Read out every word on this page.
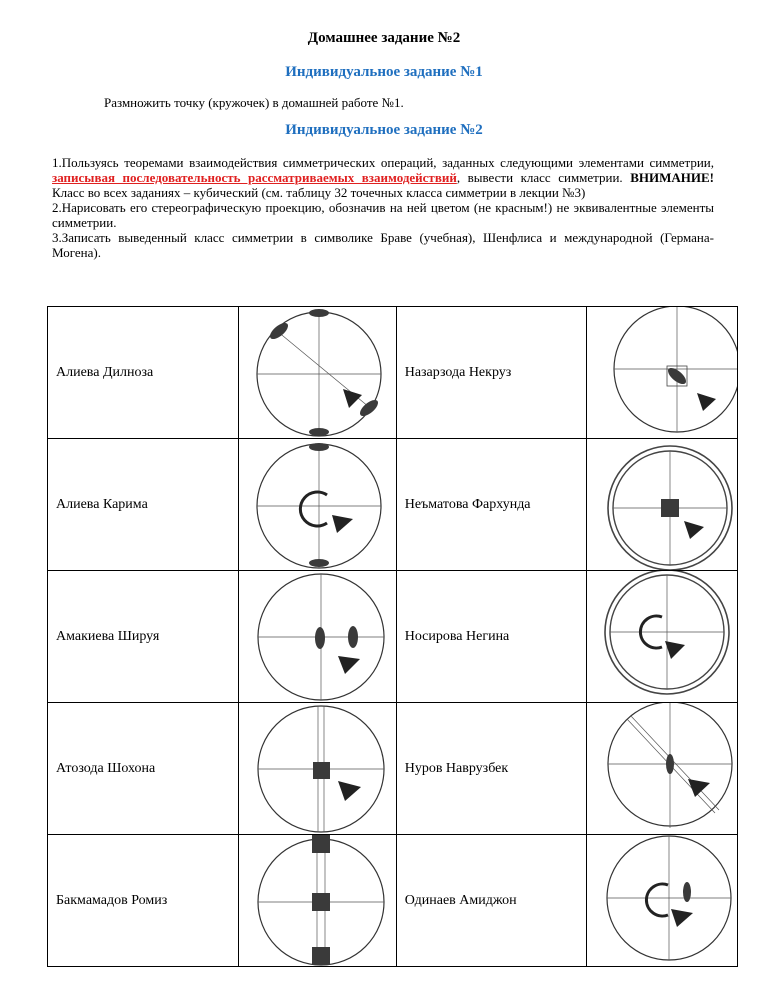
Домашнее задание №2
Индивидуальное задание №1
Размножить точку (кружочек) в домашней работе №1.
Индивидуальное задание №2
1.Пользуясь теоремами взаимодействия симметрических операций, заданных следующими элементами симметрии, записывая последовательность рассматриваемых взаимодействий, вывести класс симметрии. ВНИМАНИЕ! Класс во всех заданиях – кубический (см. таблицу 32 точечных класса симметрии в лекции №3)
2.Нарисовать его стереографическую проекцию, обозначив на ней цветом (не красным!) не эквивалентные элементы симметрии.
3.Записать выведенный класс симметрии в символике Браве (учебная), Шенфлиса и международной (Германа-Могена).
Алиева Дилноза		Назарзода Некруз	

Алиева Карима		Неъматова Фархунда	

Амакиева Шируя		Носирова Негина	

Атозода Шохона		Нуров Наврузбек	

Бакмамадов Ромиз		Одинаев Амиджон	
